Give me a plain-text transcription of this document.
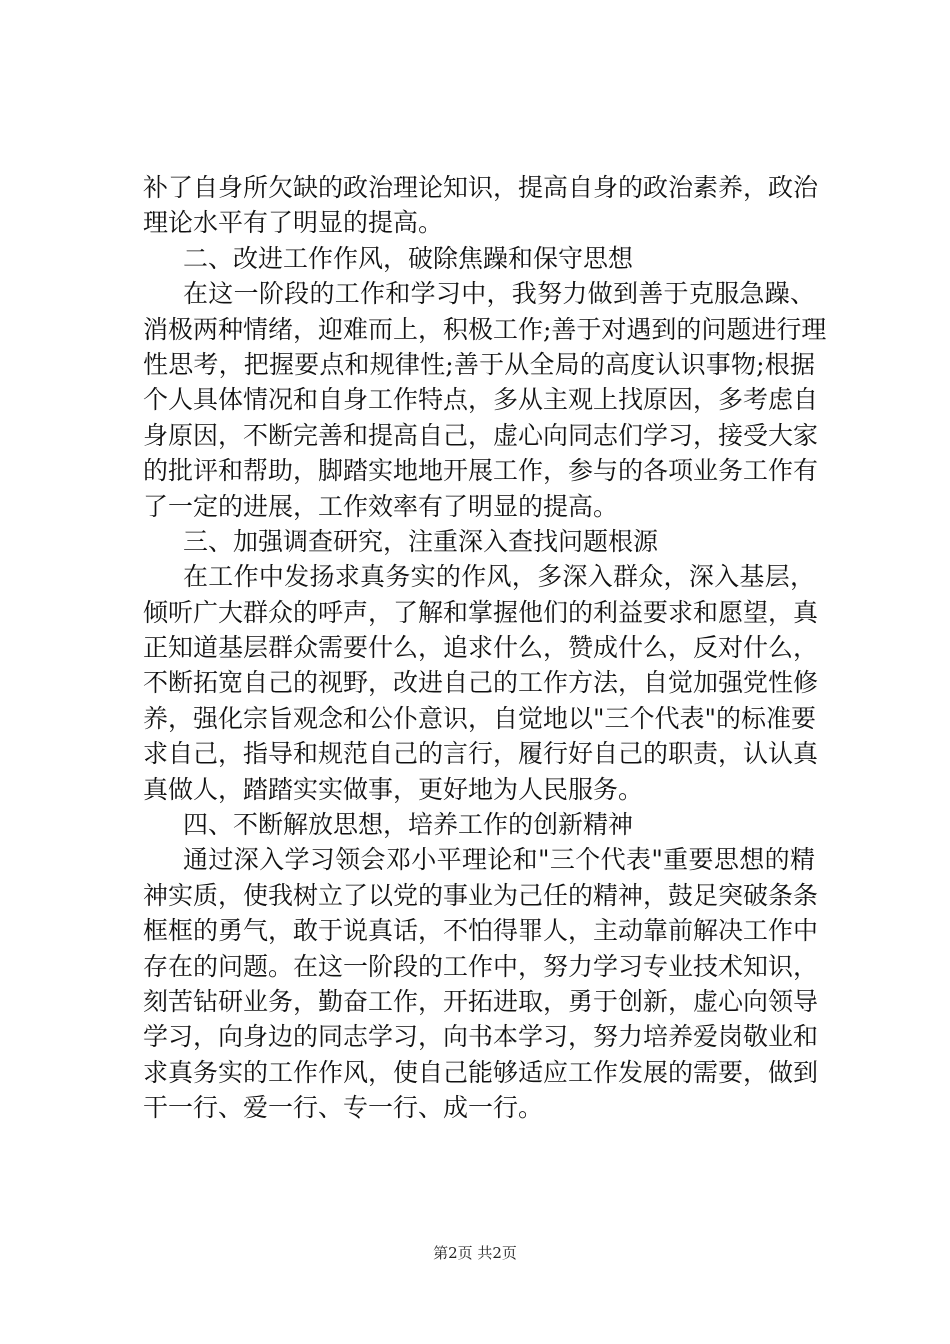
补了自身所欠缺的政治理论知识，提高自身的政治素养，政治
理论水平有了明显的提高。
二、改进工作作风，破除焦躁和保守思想
在这一阶段的工作和学习中，我努力做到善于克服急躁、
消极两种情绪，迎难而上，积极工作;善于对遇到的问题进行理
性思考，把握要点和规律性;善于从全局的高度认识事物;根据
个人具体情况和自身工作特点，多从主观上找原因，多考虑自
身原因，不断完善和提高自己，虚心向同志们学习，接受大家
的批评和帮助，脚踏实地地开展工作，参与的各项业务工作有
了一定的进展，工作效率有了明显的提高。
三、加强调查研究，注重深入查找问题根源
在工作中发扬求真务实的作风，多深入群众，深入基层，
倾听广大群众的呼声，了解和掌握他们的利益要求和愿望，真
正知道基层群众需要什么，追求什么，赞成什么，反对什么，
不断拓宽自己的视野，改进自己的工作方法，自觉加强党性修
养，强化宗旨观念和公仆意识，自觉地以"三个代表"的标准要
求自己，指导和规范自己的言行，履行好自己的职责，认认真
真做人，踏踏实实做事，更好地为人民服务。
四、不断解放思想，培养工作的创新精神
通过深入学习领会邓小平理论和"三个代表"重要思想的精
神实质，使我树立了以党的事业为己任的精神，鼓足突破条条
框框的勇气，敢于说真话，不怕得罪人，主动靠前解决工作中
存在的问题。在这一阶段的工作中，努力学习专业技术知识，
刻苦钻研业务，勤奋工作，开拓进取，勇于创新，虚心向领导
学习，向身边的同志学习，向书本学习，努力培养爱岗敬业和
求真务实的工作作风，使自己能够适应工作发展的需要，做到
干一行、爱一行、专一行、成一行。
第2页 共2页
